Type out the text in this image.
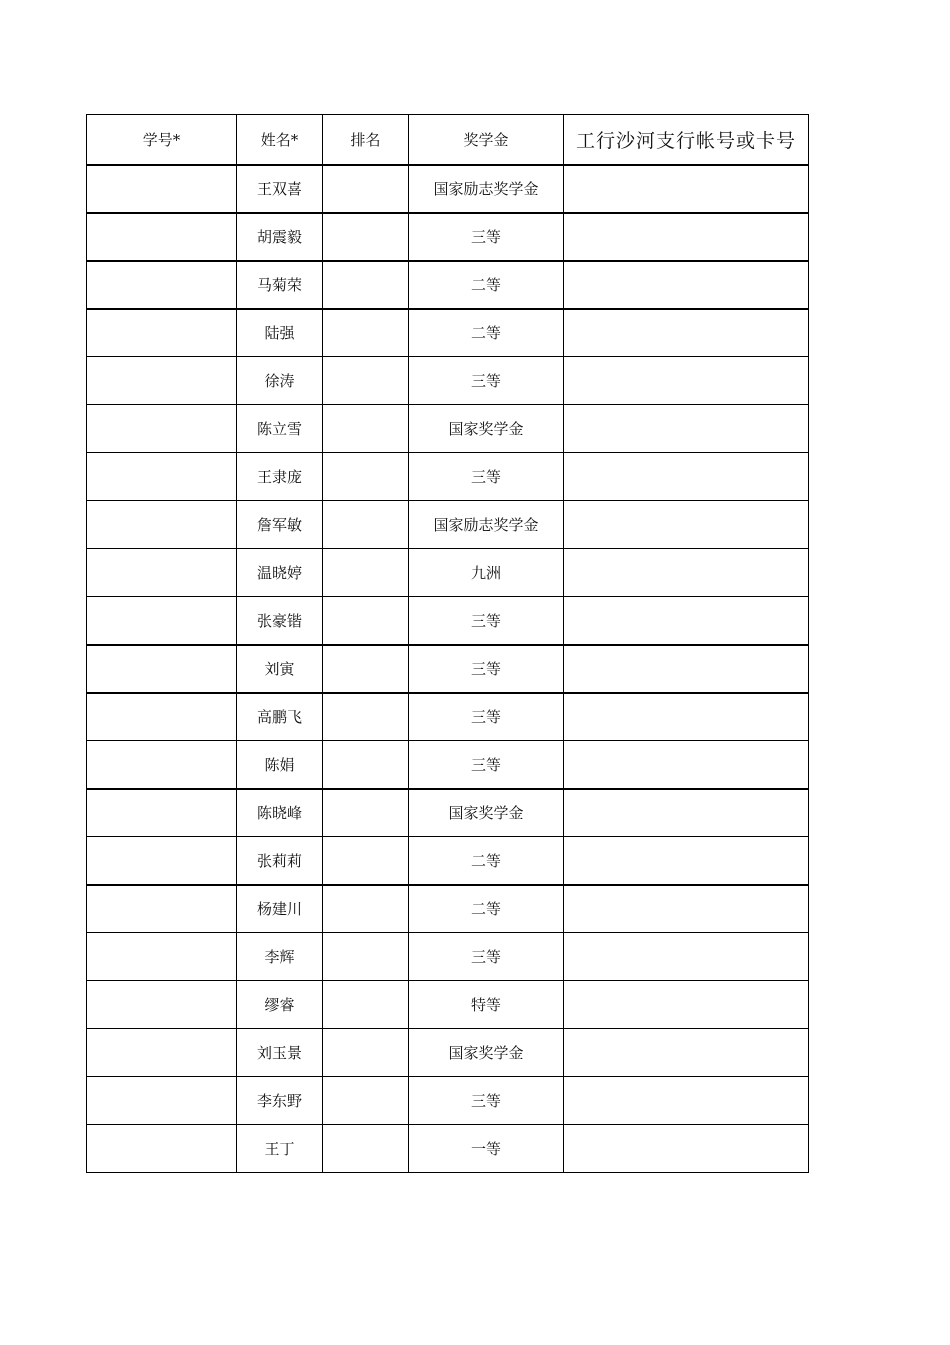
学号*	姓名*	排名	奖学金	工行沙河支行帐号或卡号
	王双喜		国家励志奖学金	
	胡震毅		三等	
	马菊荣		二等	
	陆强		二等	
	徐涛		三等	
	陈立雪		国家奖学金	
	王隶庞		三等	
	詹军敏		国家励志奖学金	
	温晓婷		九洲	
	张豪锴		三等	
	刘寅		三等	
	高鹏飞		三等	
	陈娟		三等	
	陈晓峰		国家奖学金	
	张莉莉		二等	
	杨建川		二等	
	李辉		三等	
	缪睿		特等	
	刘玉景		国家奖学金	
	李东野		三等	
	王丁		一等	
